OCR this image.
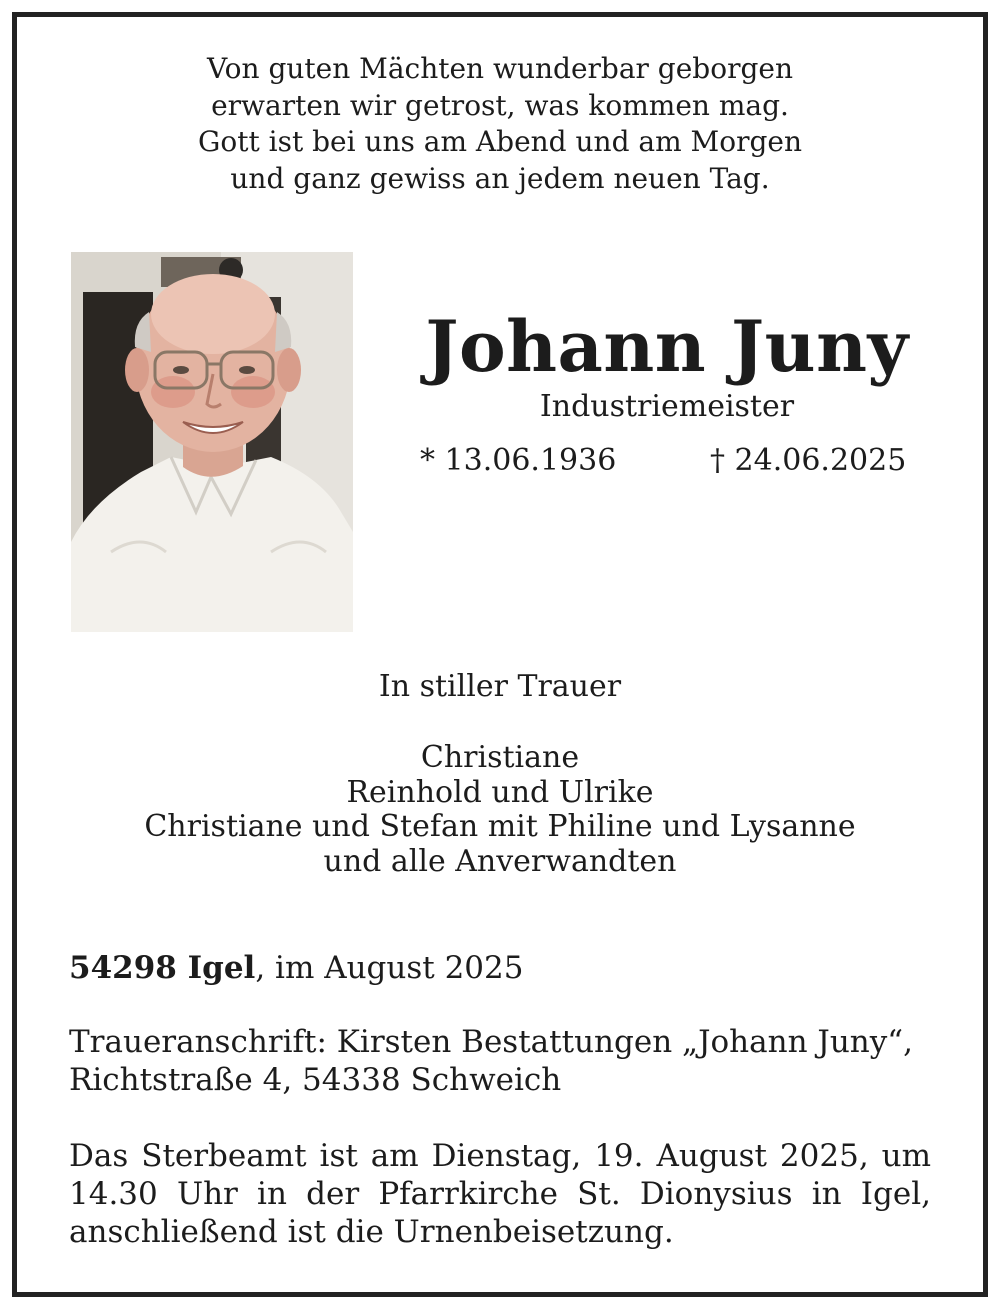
Von guten Mächten wunderbar geborgen
erwarten wir getrost, was kommen mag.
Gott ist bei uns am Abend und am Morgen
und ganz gewiss an jedem neuen Tag.
Johann Juny
Industriemeister
* 13.06.1936	† 24.06.2025
In stiller Trauer
Christiane
Reinhold und Ulrike
Christiane und Stefan mit Philine und Lysanne
und alle Anverwandten
54298 Igel, im August 2025
Traueranschrift: Kirsten Bestattungen „Johann Juny“,
Richtstraße 4, 54338 Schweich
Das Sterbeamt ist am Dienstag, 19. August 2025, um
14.30 Uhr in der Pfarrkirche St. Dionysius in Igel,
anschließend ist die Urnenbeisetzung.
